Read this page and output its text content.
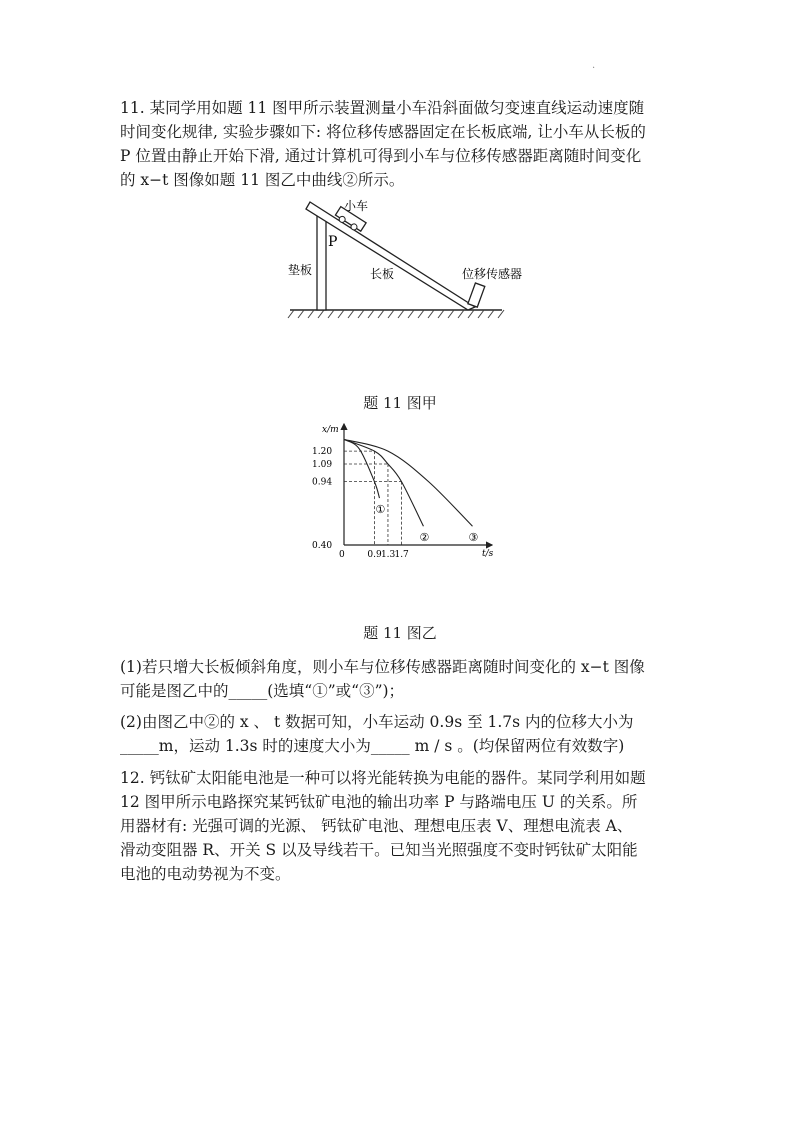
.
11. 某同学用如题 11 图甲所示装置测量小车沿斜面做匀变速直线运动速度随
时间变化规律, 实验步骤如下: 将位移传感器固定在长板底端, 让小车从长板的
P 位置由静止开始下滑, 通过计算机可得到小车与位移传感器距离随时间变化
的 x−t 图像如题 11 图乙中曲线②所示。
小车
P
垫板	长板	位移传感器
题 11 图甲
x/m
t/s
0
①
②	③
0.40
0.94
1.09
1.20
0.9 1.3 1.7
题 11 图乙
(1)若只增大长板倾斜角度，则小车与位移传感器距离随时间变化的 x−t 图像
可能是图乙中的_____(选填“①”或“③”)；
(2)由图乙中②的 x 、 t 数据可知，小车运动 0.9s 至 1.7s 内的位移大小为
_____m，运动 1.3s 时的速度大小为_____ m / s 。(均保留两位有效数字)
12. 钙钛矿太阳能电池是一种可以将光能转换为电能的器件。某同学利用如题
12 图甲所示电路探究某钙钛矿电池的输出功率 P 与路端电压 U 的关系。所
用器材有: 光强可调的光源、 钙钛矿电池、理想电压表 V、理想电流表 A、
滑动变阻器 R、开关 S 以及导线若干。已知当光照强度不变时钙钛矿太阳能
电池的电动势视为不变。
